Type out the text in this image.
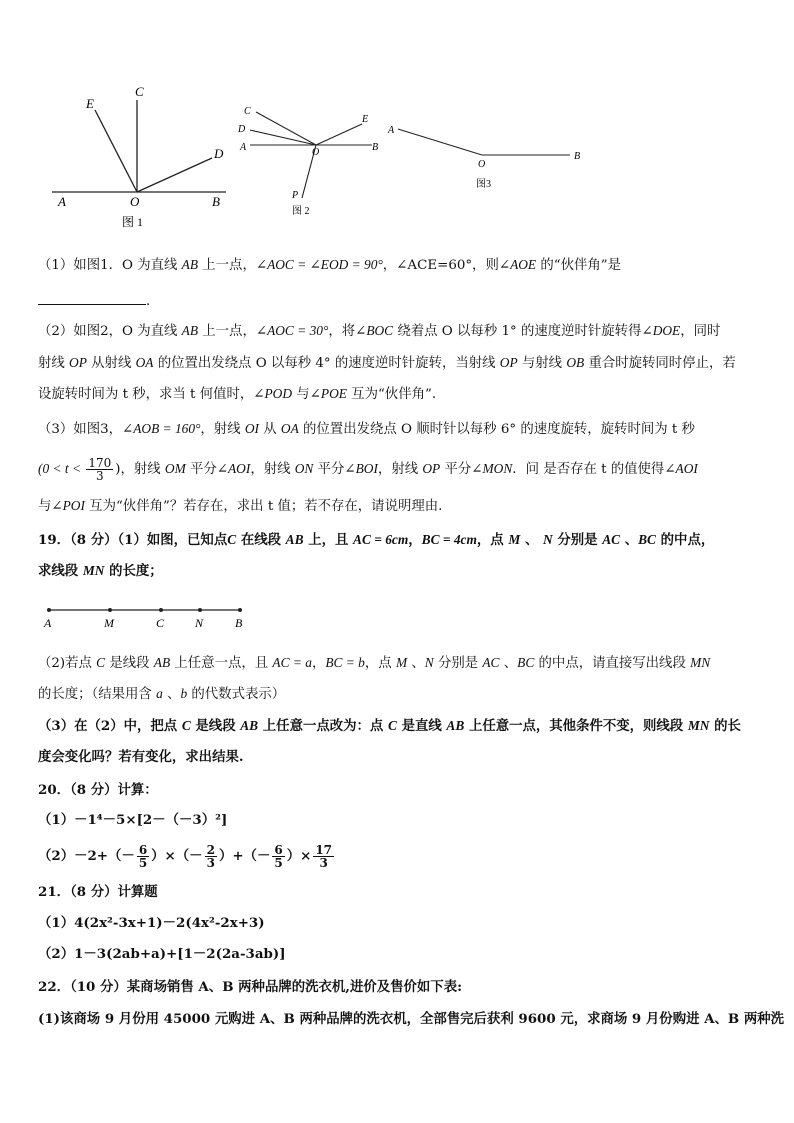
E
C
D
A	O	B
图 1
C
D
A
E
O	B
P
图 2
A
O
B
图3
（1）如图1．O 为直线 AB 上一点，∠AOC = ∠EOD = 90°，∠ACE=60°，则∠AOE 的“伙伴角”是
．
（2）如图2，O 为直线 AB 上一点，∠AOC = 30°，将∠BOC 绕着点 O 以每秒 1° 的速度逆时针旋转得∠DOE，同时
射线 OP 从射线 OA 的位置出发绕点 O 以每秒 4° 的速度逆时针旋转，当射线 OP 与射线 OB 重合时旋转同时停止，若
设旋转时间为 t 秒，求当 t 何值时，∠POD 与∠POE 互为“伙伴角”.
（3）如图3，∠AOB = 160°，射线 OI 从 OA 的位置出发绕点 O 顺时针以每秒 6° 的速度旋转，旋转时间为 t 秒
($0 < t < \frac{170}{3}$ )，射线 OM 平分∠AOI，射线 ON 平分∠BOI，射线 OP 平分∠MON．问 是否存在 t 的值使得∠AOI
与∠POI 互为“伙伴角”？若存在，求出 t 值；若不存在，请说明理由.
19．（8 分）（1）如图，已知点C 在线段 AB 上，且 AC = 6cm，BC = 4cm，点 M 、 N 分别是 AC 、BC 的中点，
求线段 MN 的长度；
A	M	C	N	B
（2)若点 C 是线段 AB 上任意一点，且 AC = a，BC = b，点 M 、N 分别是 AC 、BC 的中点，请直接写出线段 MN
的长度；（结果用含 a 、b 的代数式表示）
（3）在（2）中，把点 C 是线段 AB 上任意一点改为：点 C 是直线 AB 上任意一点，其他条件不变，则线段 MN 的长
度会变化吗？若有变化，求出结果.
20．（8 分）计算：
（1）－1⁴－5×[2－（－3）²]
$(2)-2+(- \frac{6}{5}$ ）×（－ $\frac{2}{3}$ ）+（－ $\frac{6}{5}$ ）× $\frac{17}{3}$
21．（8 分）计算题
（1）4(2x²-3x+1)－2(4x²-2x+3)
（2）1－3(2ab+a)+[1－2(2a-3ab)]
22．（10 分）某商场销售 A、B 两种品牌的洗衣机,进价及售价如下表:
(1)该商场 9 月份用 45000 元购进 A、B 两种品牌的洗衣机，全部售完后获利 9600 元，求商场 9 月份购进 A、B 两种洗
